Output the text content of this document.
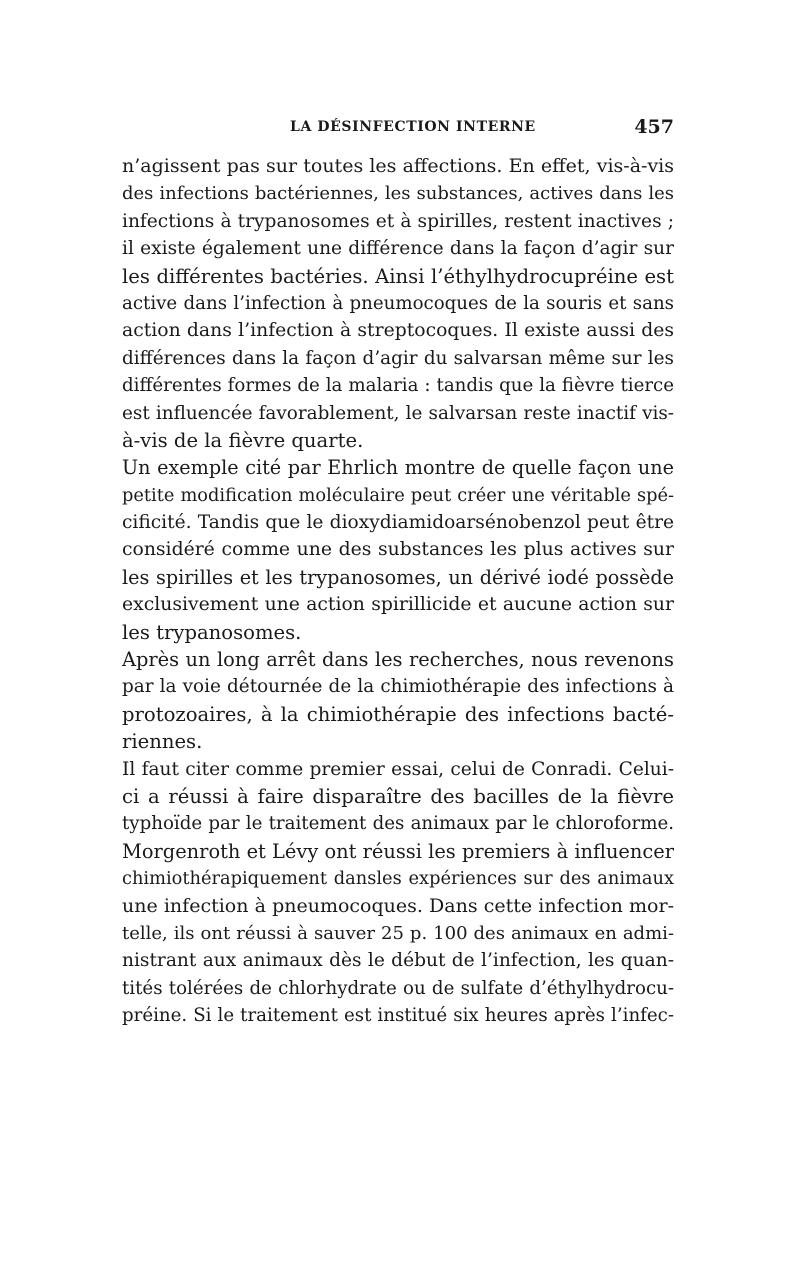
LA DÉSINFECTION INTERNE	457
n’agissent pas sur toutes les affections. En effet, vis-à-vis
des infections bactériennes, les substances, actives dans les
infections à trypanosomes et à spirilles, restent inactives ;
il existe également une différence dans la façon d’agir sur
les différentes bactéries. Ainsi l’éthylhydrocupréine est
active dans l’infection à pneumocoques de la souris et sans
action dans l’infection à streptocoques. Il existe aussi des
différences dans la façon d’agir du salvarsan même sur les
différentes formes de la malaria : tandis que la fièvre tierce
est influencée favorablement, le salvarsan reste inactif vis-
à-vis de la fièvre quarte.
Un exemple cité par Ehrlich montre de quelle façon une
petite modification moléculaire peut créer une véritable spé-
cificité. Tandis que le dioxydiamidoarsénobenzol peut être
considéré comme une des substances les plus actives sur
les spirilles et les trypanosomes, un dérivé iodé possède
exclusivement une action spirillicide et aucune action sur
les trypanosomes.
Après un long arrêt dans les recherches, nous revenons
par la voie détournée de la chimiothérapie des infections à
protozoaires, à la chimiothérapie des infections bacté-
riennes.
Il faut citer comme premier essai, celui de Conradi. Celui-
ci a réussi à faire disparaître des bacilles de la fièvre
typhoïde par le traitement des animaux par le chloroforme.
Morgenroth et Lévy ont réussi les premiers à influencer
chimiothérapiquement dansles expériences sur des animaux
une infection à pneumocoques. Dans cette infection mor-
telle, ils ont réussi à sauver 25 p. 100 des animaux en admi-
nistrant aux animaux dès le début de l’infection, les quan-
tités tolérées de chlorhydrate ou de sulfate d’éthylhydrocu-
préine. Si le traitement est institué six heures après l’infec-
